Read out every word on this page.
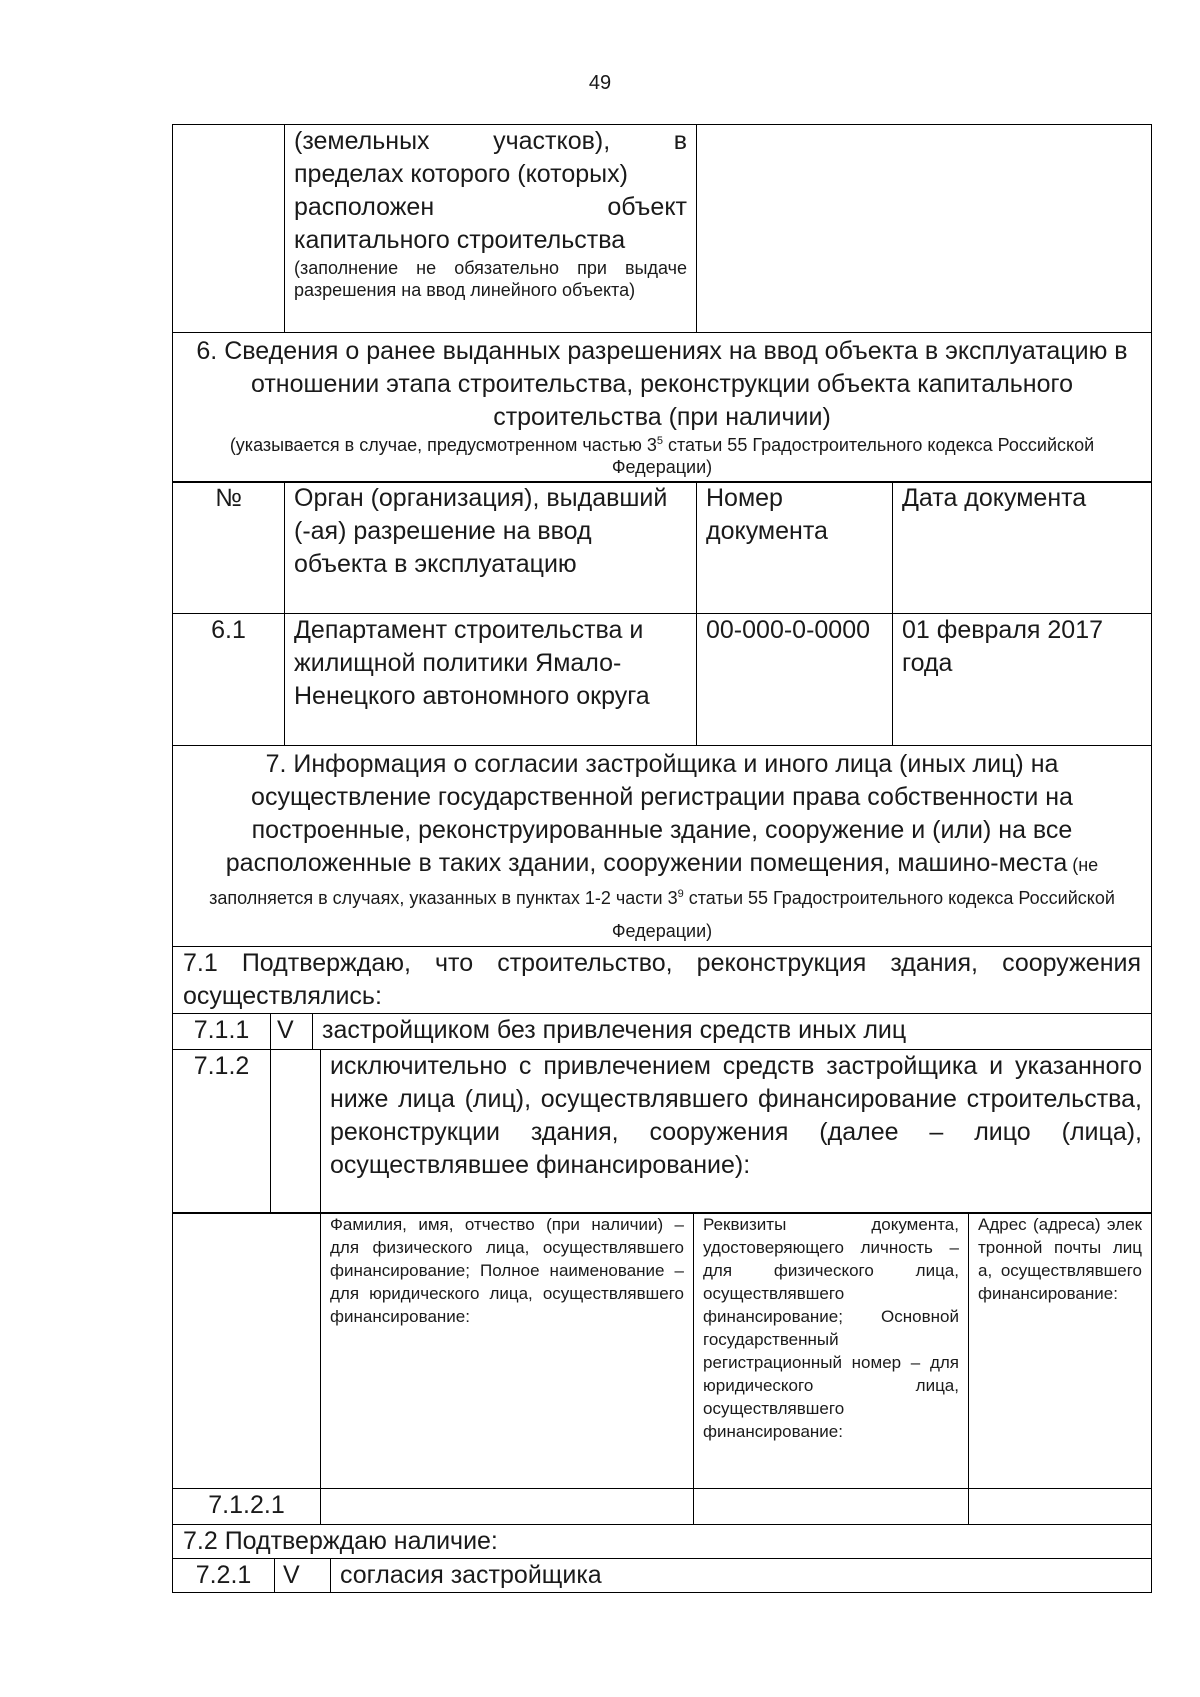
49

(земельных	участков),	в
пределах которого (которых)
расположен	объект
капитального строительства
(заполнение не обязательно при выдаче разрешения на ввод линейного объекта)

6. Сведения о ранее выданных разрешениях на ввод объекта в эксплуатацию в отношении этапа строительства, реконструкции объекта капитального строительства (при наличии)
(указывается в случае, предусмотренном частью $3^5$ статьи 55 Градостроительного кодекса Российской Федерации)
№	Орган (организация), выдавший (-ая) разрешение на ввод объекта в эксплуатацию	Номер документа	Дата документа
6.1	Департамент строительства и жилищной политики Ямало-Ненецкого автономного округа	00-000-0-0000	01 февраля 2017 года
7. Информация о согласии застройщика и иного лица (иных лиц) на осуществление государственной регистрации права собственности на построенные, реконструированные здание, сооружение и (или) на все расположенные в таких здании, сооружении помещения, машино-места (не заполняется в случаях, указанных в пунктах 1-2 части $3^9$ статьи 55 Градостроительного кодекса Российской Федерации)
7.1 Подтверждаю, что строительство, реконструкция здания, сооружения осуществлялись:
7.1.1	V	застройщиком без привлечения средств иных лиц
7.1.2		исключительно с привлечением средств застройщика и указанного ниже лица (лиц), осуществлявшего финансирование строительства, реконструкции здания, сооружения (далее – лицо (лица), осуществлявшее финансирование):
	Фамилия, имя, отчество (при наличии) – для физического лица, осуществлявшего финансирование; Полное наименование – для юридического лица, осуществлявшего финансирование:	Реквизиты документа, удостоверяющего личность – для физического лица, осуществлявшего финансирование; Основной государственный регистрационный номер – для юридического лица, осуществлявшего финансирование:	Адрес (адреса) электронной почты лица, осуществлявшего финансирование:
7.1.2.1			
7.2 Подтверждаю наличие:
7.2.1	V	согласия застройщика
